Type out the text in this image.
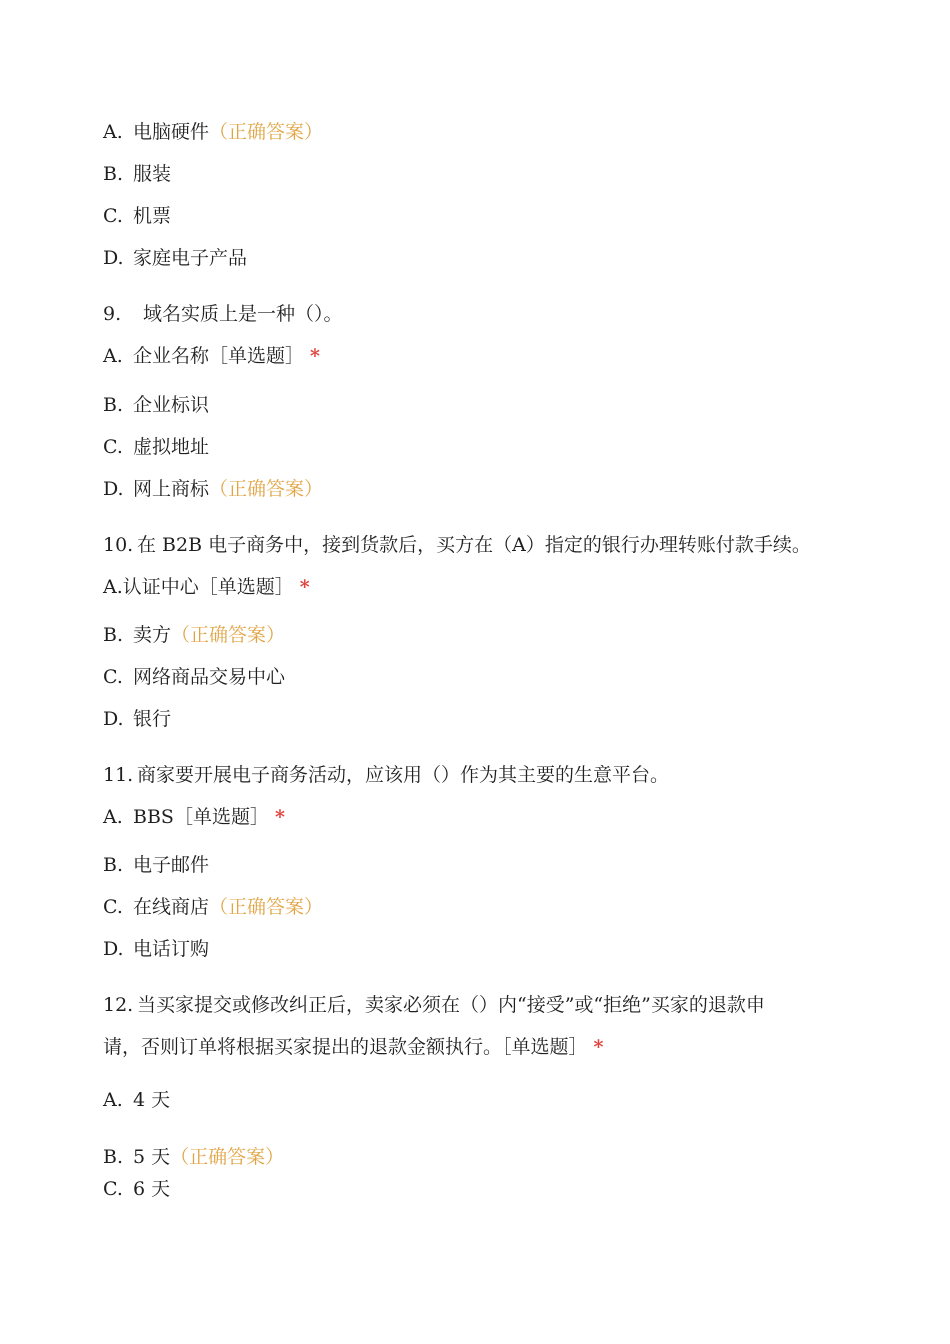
A. 电脑硬件（正确答案）
B. 服装
C. 机票
D. 家庭电子产品
9. 域名实质上是一种（）。
A. 企业名称［单选题］ *
B. 企业标识
C. 虚拟地址
D. 网上商标（正确答案）
10. 在 B2B 电子商务中，接到货款后，买方在（A）指定的银行办理转账付款手续。
A.认证中心［单选题］ *
B. 卖方（正确答案）
C. 网络商品交易中心
D. 银行
11. 商家要开展电子商务活动，应该用（）作为其主要的生意平台。
A. BBS［单选题］ *
B. 电子邮件
C. 在线商店（正确答案）
D. 电话订购
12. 当买家提交或修改纠正后，卖家必须在（）内“接受”或“拒绝”买家的退款申
请，否则订单将根据买家提出的退款金额执行。［单选题］ *
A. 4 天
B. 5 天（正确答案）
C. 6 天
